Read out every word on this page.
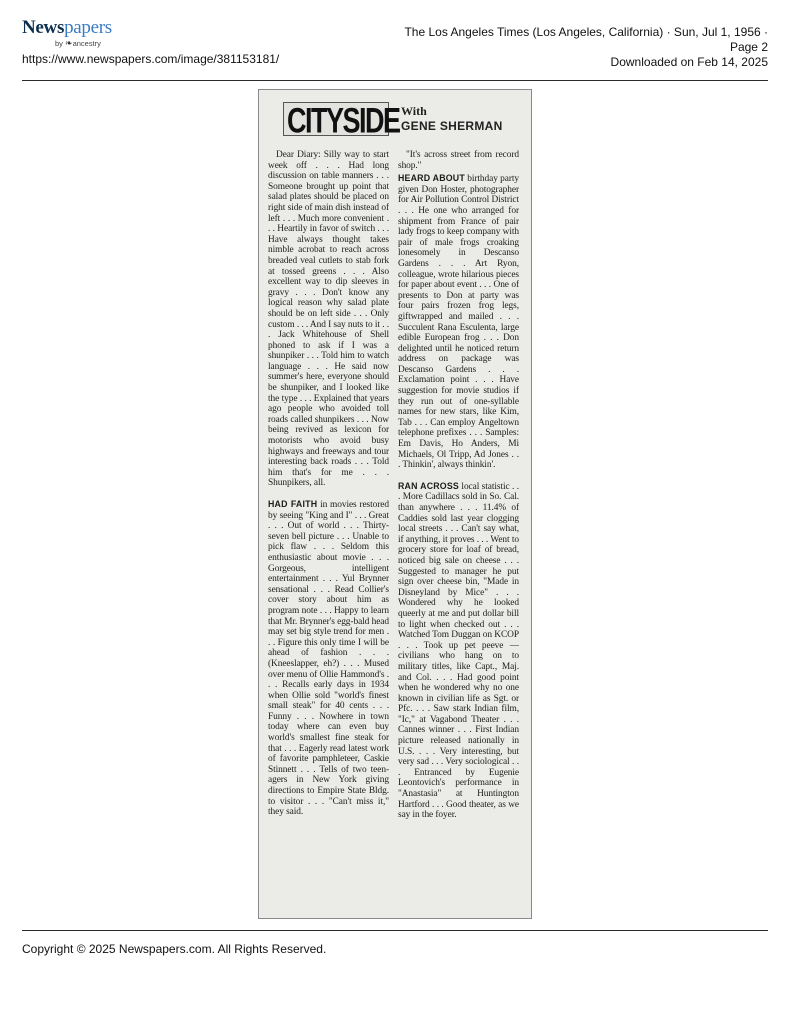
Newspapers
by ❧ancestry
https://www.newspapers.com/image/381153181/
The Los Angeles Times (Los Angeles, California) · Sun, Jul 1, 1956 ·
Page 2
Downloaded on Feb 14, 2025
CITYSIDE With
GENE SHERMAN

Dear Diary: Silly way to start week off . . . Had long discussion on table manners . . . Someone brought up point that salad plates should be placed on right side of main dish instead of left . . . Much more convenient . . . Heartily in favor of switch . . . Have always thought takes nimble acrobat to reach across breaded veal cutlets to stab fork at tossed greens . . . Also excellent way to dip sleeves in gravy . . . Don't know any logical reason why salad plate should be on left side . . . Only custom . . . And I say nuts to it . . . Jack Whitehouse of Shell phoned to ask if I was a shunpiker . . . Told him to watch language . . . He said now summer's here, everyone should be shunpiker, and I looked like the type . . . Explained that years ago people who avoided toll roads called shunpikers . . . Now being revived as lexicon for motorists who avoid busy highways and freeways and tour interesting back roads . . . Told him that's for me . . . Shunpikers, all.

HAD FAITH in movies restored by seeing "King and I" . . . Great . . . Out of world . . . Thirty-seven bell picture . . . Unable to pick flaw . . . Seldom this enthusiastic about movie . . . Gorgeous, intelligent entertainment . . . Yul Brynner sensational . . . Read Collier's cover story about him as program note . . . Happy to learn that Mr. Brynner's egg-bald head may set big style trend for men . . . Figure this only time I will be ahead of fashion . . . (Kneeslapper, eh?) . . . Mused over menu of Ollie Hammond's . . . Recalls early days in 1934 when Ollie sold "world's finest small steak" for 40 cents . . . Funny . . . Nowhere in town today where can even buy world's smallest fine steak for that . . . Eagerly read latest work of favorite pamphleteer, Caskie Stinnett . . . Tells of two teen-agers in New York giving directions to Empire State Bldg. to visitor . . . "Can't miss it," they said.

"It's across street from record shop."

HEARD ABOUT birthday party given Don Hoster, photographer for Air Pollution Control District . . . He one who arranged for shipment from France of pair lady frogs to keep company with pair of male frogs croaking lonesomely in Descanso Gardens . . . Art Ryon, colleague, wrote hilarious pieces for paper about event . . . One of presents to Don at party was four pairs frozen frog legs, giftwrapped and mailed . . . Succulent Rana Esculenta, large edible European frog . . . Don delighted until he noticed return address on package was Descanso Gardens . . . Exclamation point . . . Have suggestion for movie studios if they run out of one-syllable names for new stars, like Kim, Tab . . . Can employ Angeltown telephone prefixes . . . Samples: Em Davis, Ho Anders, Mi Michaels, Ol Tripp, Ad Jones . . . Thinkin', always thinkin'.

RAN ACROSS local statistic . . . More Cadillacs sold in So. Cal. than anywhere . . . 11.4% of Caddies sold last year clogging local streets . . . Can't say what, if anything, it proves . . . Went to grocery store for loaf of bread, noticed big sale on cheese . . . Suggested to manager he put sign over cheese bin, "Made in Disneyland by Mice" . . . Wondered why he looked queerly at me and put dollar bill to light when checked out . . . Watched Tom Duggan on KCOP . . . Took up pet peeve —civilians who hang on to military titles, like Capt., Maj. and Col. . . . Had good point when he wondered why no one known in civilian life as Sgt. or Pfc. . . . Saw stark Indian film, "Ic," at Vagabond Theater . . . Cannes winner . . . First Indian picture released nationally in U.S. . . . Very interesting, but very sad . . . Very sociological . . . Entranced by Eugenie Leontovich's performance in "Anastasia" at Huntington Hartford . . . Good theater, as we say in the foyer.

Copyright © 2025 Newspapers.com. All Rights Reserved.
